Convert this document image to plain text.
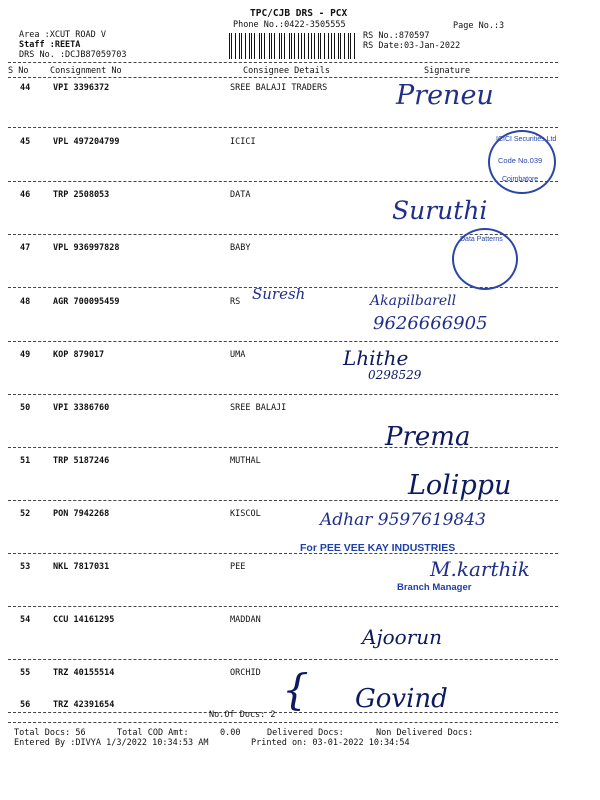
TPC/CJB DRS - PCX
Phone No.:0422-3505555	Page No.:3
Area :XCUT ROAD V
Staff :REETA
DRS No. :DCJB87059703
RS No.:870597
RS Date:03-Jan-2022
S No	Consignment No	Consignee Details	Signature
44	VPI 3396372	SREE BALAJI TRADERS
45	VPL 497204799	ICICI
46	TRP 2508053	DATA
47	VPL 936997828	BABY
48	AGR 700095459	RS
49	KOP 879017	UMA
50	VPI 3386760	SREE BALAJI
51	TRP 5187246	MUTHAL
52	PON 7942268	KISCOL
53	NKL 7817031	PEE
54	CCU 14161295	MADDAN
55	TRZ 40155514	ORCHID
56	TRZ 42391654
Preneu
Suruthi
Suresh	Akapilbarell
9626666905
Lhithe
0298529
Prema
Lolippu
Adhar 9597619843
M.karthik
Ajoorun
{ Govind
ICICI Securities Ltd
Code No.039
Coimbatore
Data Patterns
For PEE VEE KAY INDUSTRIES
Branch Manager
No.Of Docs: 2
Total Docs: 56	Total COD Amt:	0.00	Delivered Docs:	Non Delivered Docs:
Entered By :DIVYA 1/3/2022 10:34:53 AM	Printed on: 03-01-2022 10:34:54
